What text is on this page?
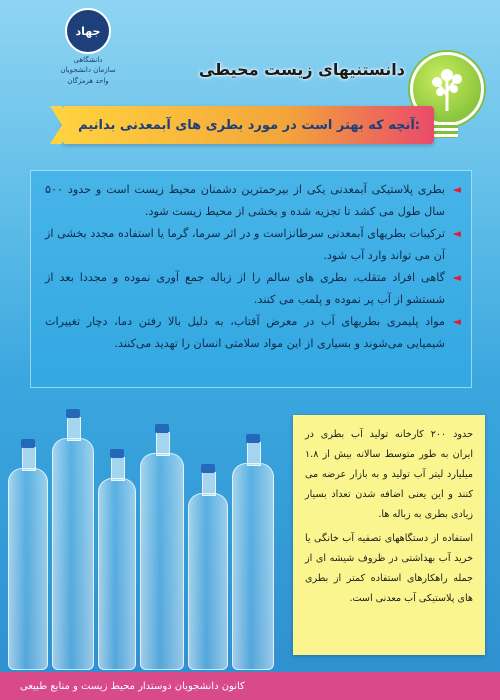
جهاد
دانشگاهی
سازمان دانشجویان
واحد هرمزگان
دانستنیهای زیست محیطی
آنچه که بهتر است در مورد بطری های آبمعدنی بدانیم:
◄
بطری پلاستیکی آبمعدنی یکی از بیرحمترین دشمنان محیط زیست است و حدود ۵۰۰ سال طول می کشد تا تجزیه شده و بخشی از محیط زیست شود.
◄
ترکیبات بطریهای آبمعدنی سرطانزاست و در اثر سرما، گرما یا استفاده مجدد بخشی از آن می تواند وارد آب شود.
◄
گاهی افراد متقلب، بطری های سالم را از زباله جمع آوری نموده و مجددا بعد از شستشو از آب پر نموده و پلمب می کنند.
◄
مواد پلیمری بطریهای آب در معرض آفتاب، به دلیل بالا رفتن دما، دچار تغییرات شیمیایی می‌شوند و بسیاری از این مواد سلامتی انسان را تهدید می‌کنند.

حدود ۲۰۰ کارخانه تولید آب بطری در ایران به طور متوسط سالانه بیش از ۱.۸ میلیارد لیتر آب تولید و به بازار عرضه می کنند و این یعنی اضافه شدن تعداد بسیار زیادی بطری به زباله ها.

استفاده از دستگاههای تصفیه آب خانگی یا خرید آب بهداشتی در ظروف شیشه ای از جمله راهکارهای استفاده کمتر از بطری های پلاستیکی آب معدنی است.

کانون دانشجویان دوستدار محیط زیست و منابع طبیعی
